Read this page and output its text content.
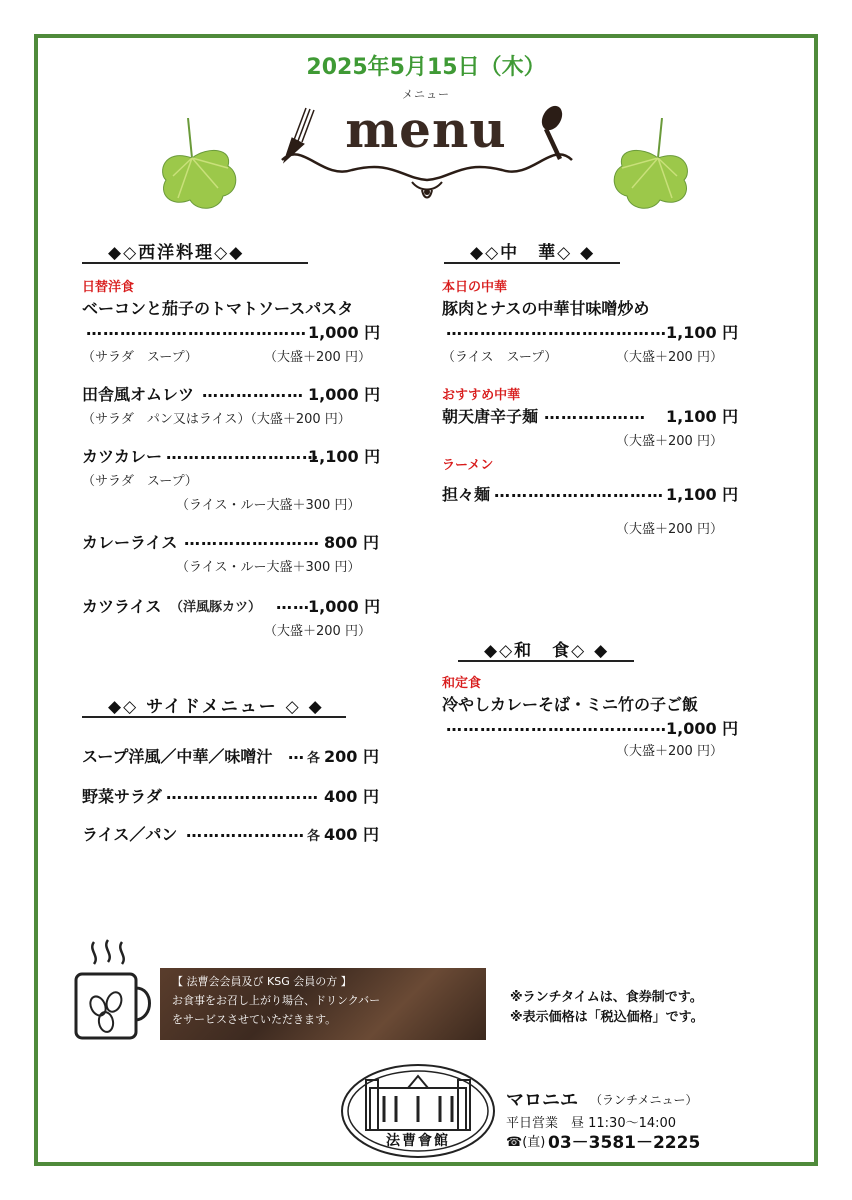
2025年5月15日（木）
メニュー
menu
◆◇西洋料理◇◆
日替洋食
ベーコンと茄子のトマトソースパスタ
………………………………… 1,000 円
（サラダ　スープ）	（大盛＋200 円）
田舎風オムレツ ……………… 1,000 円
（サラダ　パン又はライス）（大盛＋200 円）
カツカレー ………………………
1,100 円
（サラダ　スープ）
（ライス・ルー大盛＋300 円）
カレーライス …………………… 800 円
（ライス・ルー大盛＋300 円）
カツライス （洋風豚カツ） ……
1,000 円
（大盛＋200 円）
◆◇ サイドメニュー ◇ ◆
スープ洋風／中華／味噌汁 … 各 200 円
野菜サラダ ……………………… 400 円
ライス／パン ………………… 各 400 円
◆◇中　華◇ ◆
本日の中華
豚肉とナスの中華甘味噌炒め
………………………………… 1,100 円
（ライス　スープ）	（大盛＋200 円）
おすすめ中華
朝天唐辛子麺 ……………… 1,100 円
（大盛＋200 円）
ラーメン
担々麺 ………………………… 1,100 円
（大盛＋200 円）
◆◇和　食◇ ◆
和定食
冷やしカレーそば・ミニ竹の子ご飯
………………………………… 1,000 円
（大盛＋200 円）
【 法曹会会員及び KSG 会員の方 】
お食事をお召し上がり場合、ドリンクバー
をサービスさせていただきます。
※ランチタイムは、食券制です。
※表示価格は「税込価格」です。
法曹會館
マロニエ （ランチメニュー）
平日営業　昼 11:30～14:00
☎(直) 03－3581－2225
